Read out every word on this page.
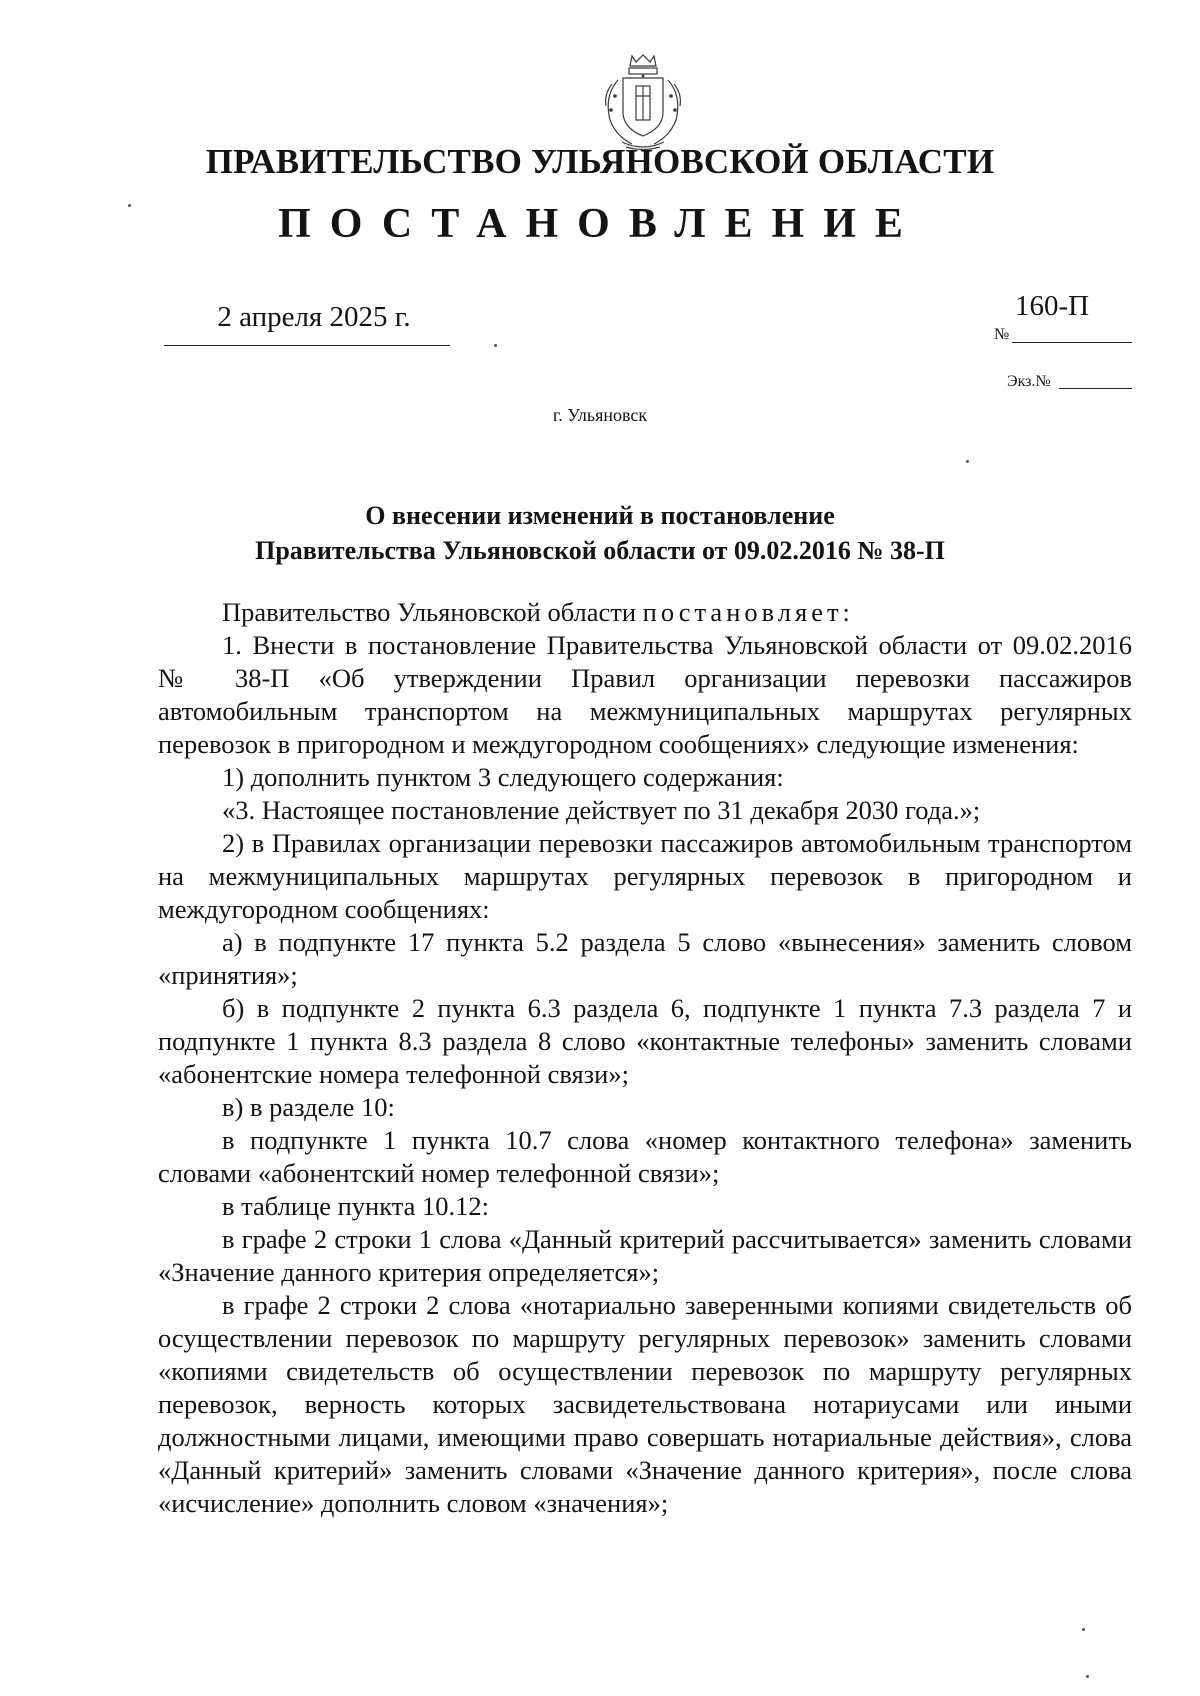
ПРАВИТЕЛЬСТВО УЛЬЯНОВСКОЙ ОБЛАСТИ
ПОСТАНОВЛЕНИЕ
2 апреля 2025 г.	160-П
№
Экз.№
г. Ульяновск
О внесении изменений в постановление
Правительства Ульяновской области от 09.02.2016 № 38-П

Правительство Ульяновской области постановляет:

1. Внести в постановление Правительства Ульяновской области от 09.02.2016 № 38-П «Об утверждении Правил организации перевозки пассажиров автомобильным транспортом на межмуниципальных маршрутах регулярных перевозок в пригородном и междугородном сообщениях» следующие изменения:

1) дополнить пунктом 3 следующего содержания:

«3. Настоящее постановление действует по 31 декабря 2030 года.»;

2) в Правилах организации перевозки пассажиров автомобильным транспортом на межмуниципальных маршрутах регулярных перевозок в пригородном и междугородном сообщениях:

а) в подпункте 17 пункта 5.2 раздела 5 слово «вынесения» заменить словом «принятия»;

б) в подпункте 2 пункта 6.3 раздела 6, подпункте 1 пункта 7.3 раздела 7 и подпункте 1 пункта 8.3 раздела 8 слово «контактные телефоны» заменить словами «абонентские номера телефонной связи»;

в) в разделе 10:

в подпункте 1 пункта 10.7 слова «номер контактного телефона» заменить словами «абонентский номер телефонной связи»;

в таблице пункта 10.12:

в графе 2 строки 1 слова «Данный критерий рассчитывается» заменить словами «Значение данного критерия определяется»;

в графе 2 строки 2 слова «нотариально заверенными копиями свидетельств об осуществлении перевозок по маршруту регулярных перевозок» заменить словами «копиями свидетельств об осуществлении перевозок по маршруту регулярных перевозок, верность которых засвидетельствована нотариусами или иными должностными лицами, имеющими право совершать нотариальные действия», слова «Данный критерий» заменить словами «Значение данного критерия», после слова «исчисление» дополнить словом «значения»;
